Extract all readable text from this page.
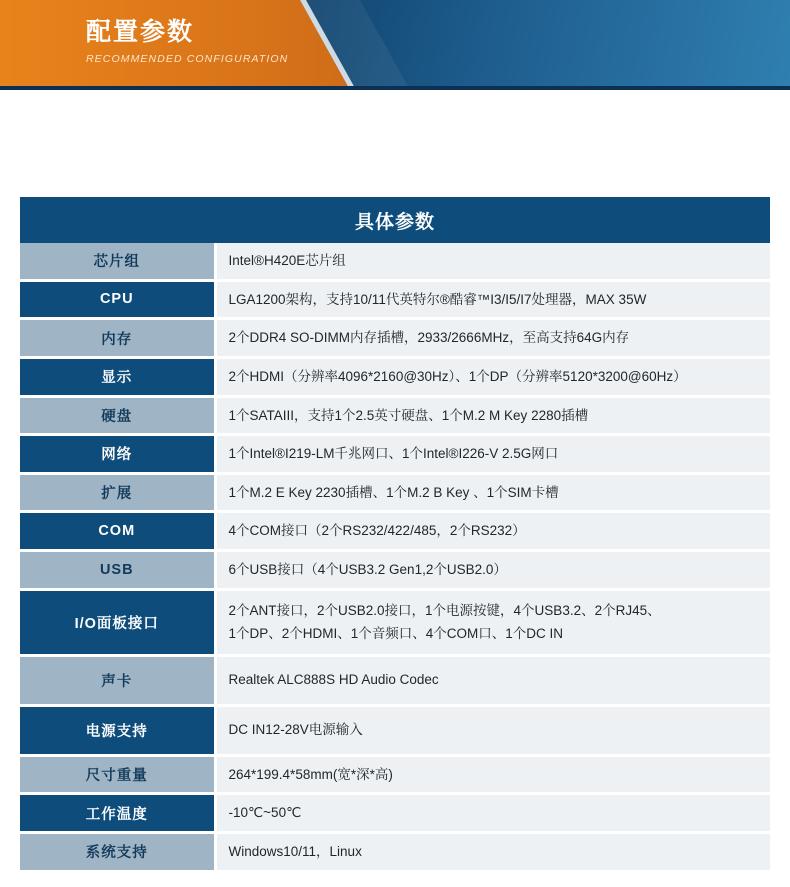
配置参数
RECOMMENDED CONFIGURATION
具体参数
芯片组	Intel®H420E芯片组

CPU	LGA1200架构，支持10/11代英特尔®酷睿™I3/I5/I7处理器，MAX 35W

内存	2个DDR4 SO-DIMM内存插槽，2933/2666MHz，至高支持64G内存

显示	2个HDMI（分辨率4096*2160@30Hz）、1个DP（分辨率5120*3200@60Hz）

硬盘	1个SATAIII，支持1个2.5英寸硬盘、1个M.2 M Key 2280插槽

网络	1个Intel®I219-LM千兆网口、1个Intel®I226-V 2.5G网口

扩展	1个M.2 E Key 2230插槽、1个M.2 B Key 、1个SIM卡槽

COM	4个COM接口（2个RS232/422/485，2个RS232）

USB	6个USB接口（4个USB3.2 Gen1,2个USB2.0）

I/O面板接口	2个ANT接口，2个USB2.0接口，1个电源按键，4个USB3.2、2个RJ45、
1个DP、2个HDMI、1个音频口、4个COM口、1个DC IN

声卡	Realtek ALC888S HD Audio Codec

电源支持	DC IN12-28V电源输入

尺寸重量	264*199.4*58mm(宽*深*高)

工作温度	-10℃~50℃

系统支持	Windows10/11，Linux
